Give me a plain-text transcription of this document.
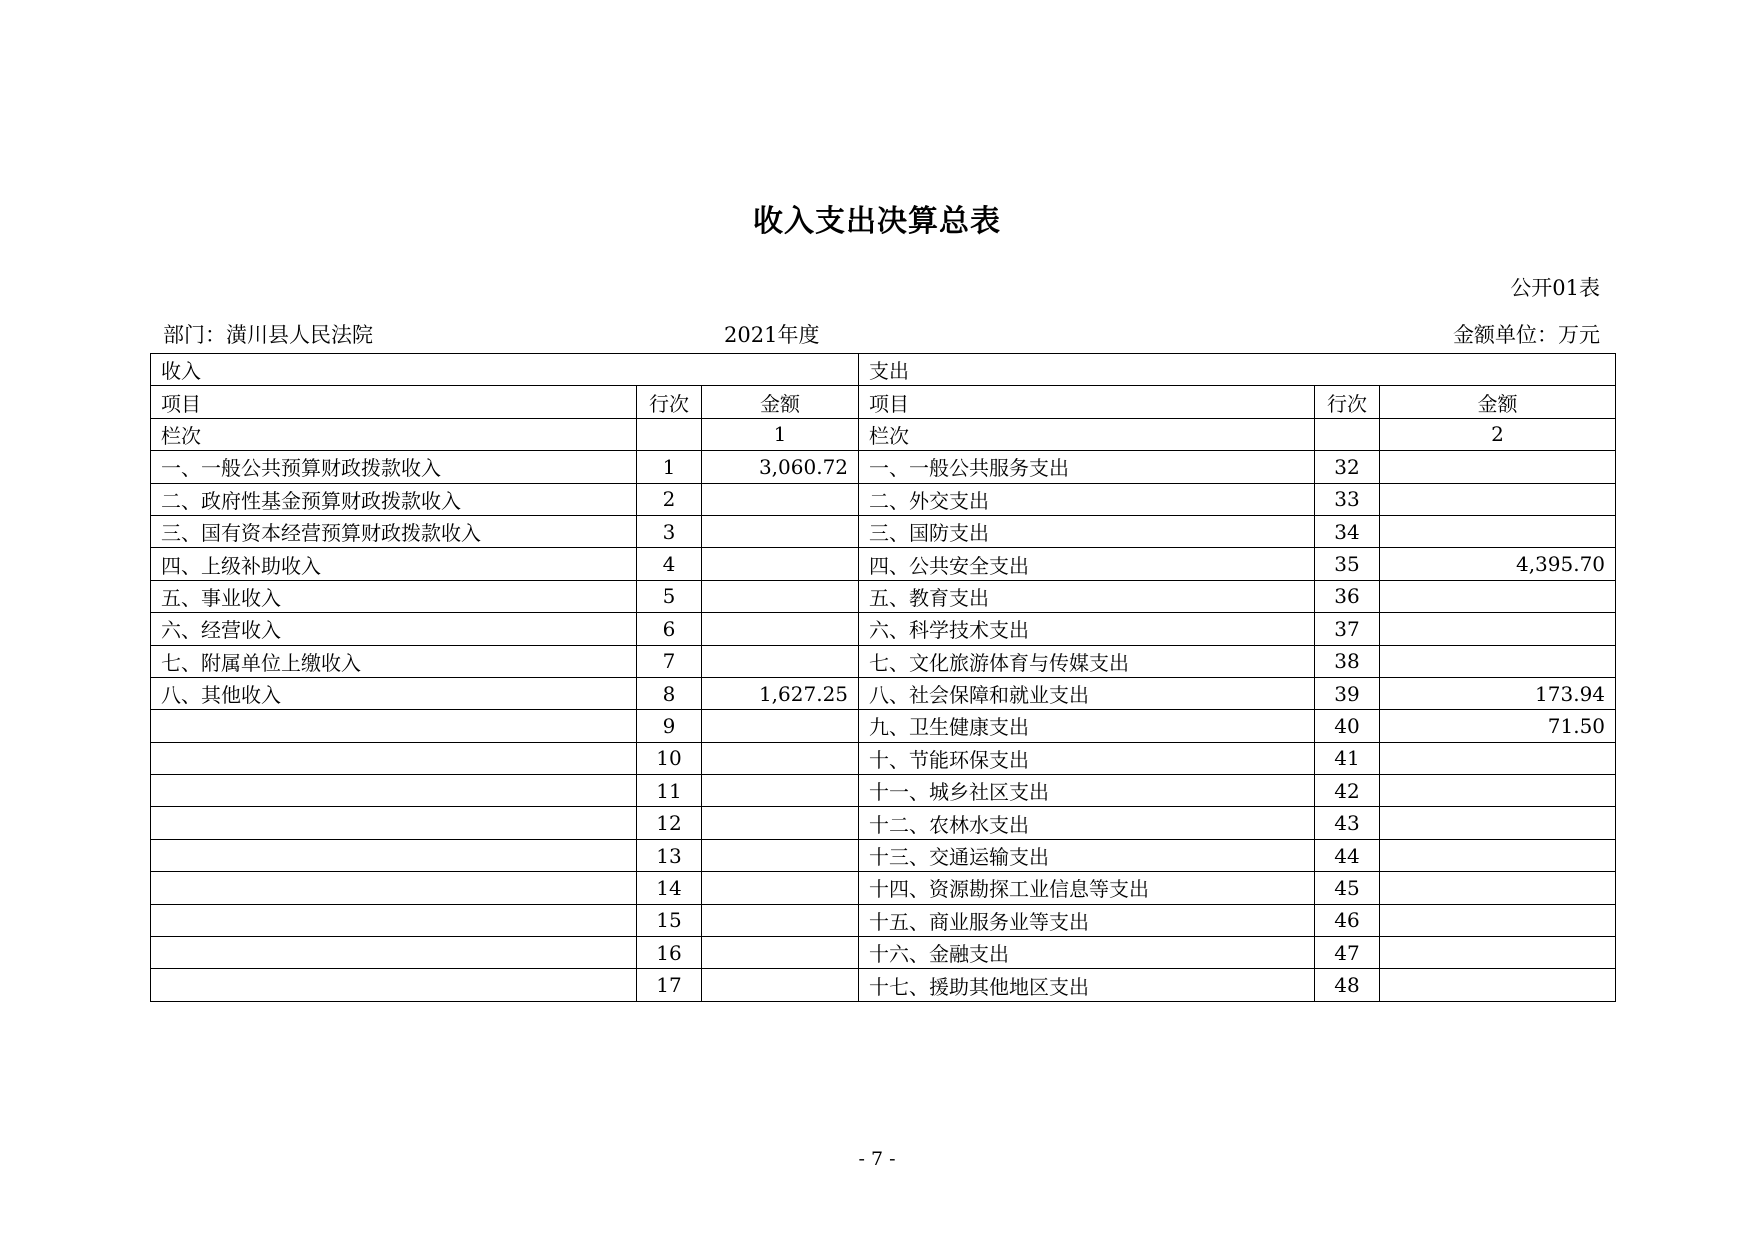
收入支出决算总表
公开01表
部门：潢川县人民法院	2021年度	金额单位：万元
收入			支出		
项目	行次	金额	项目	行次	金额
栏次		1	栏次		2
一、一般公共预算财政拨款收入	1	3,060.72	一、一般公共服务支出	32	
二、政府性基金预算财政拨款收入	2		二、外交支出	33	
三、国有资本经营预算财政拨款收入	3		三、国防支出	34	
四、上级补助收入	4		四、公共安全支出	35	4,395.70
五、事业收入	5		五、教育支出	36	
六、经营收入	6		六、科学技术支出	37	
七、附属单位上缴收入	7		七、文化旅游体育与传媒支出	38	
八、其他收入	8	1,627.25	八、社会保障和就业支出	39	173.94
	9		九、卫生健康支出	40	71.50
	10		十、节能环保支出	41	
	11		十一、城乡社区支出	42	
	12		十二、农林水支出	43	
	13		十三、交通运输支出	44	
	14		十四、资源勘探工业信息等支出	45	
	15		十五、商业服务业等支出	46	
	16		十六、金融支出	47	
	17		十七、援助其他地区支出	48	
- 7 -
